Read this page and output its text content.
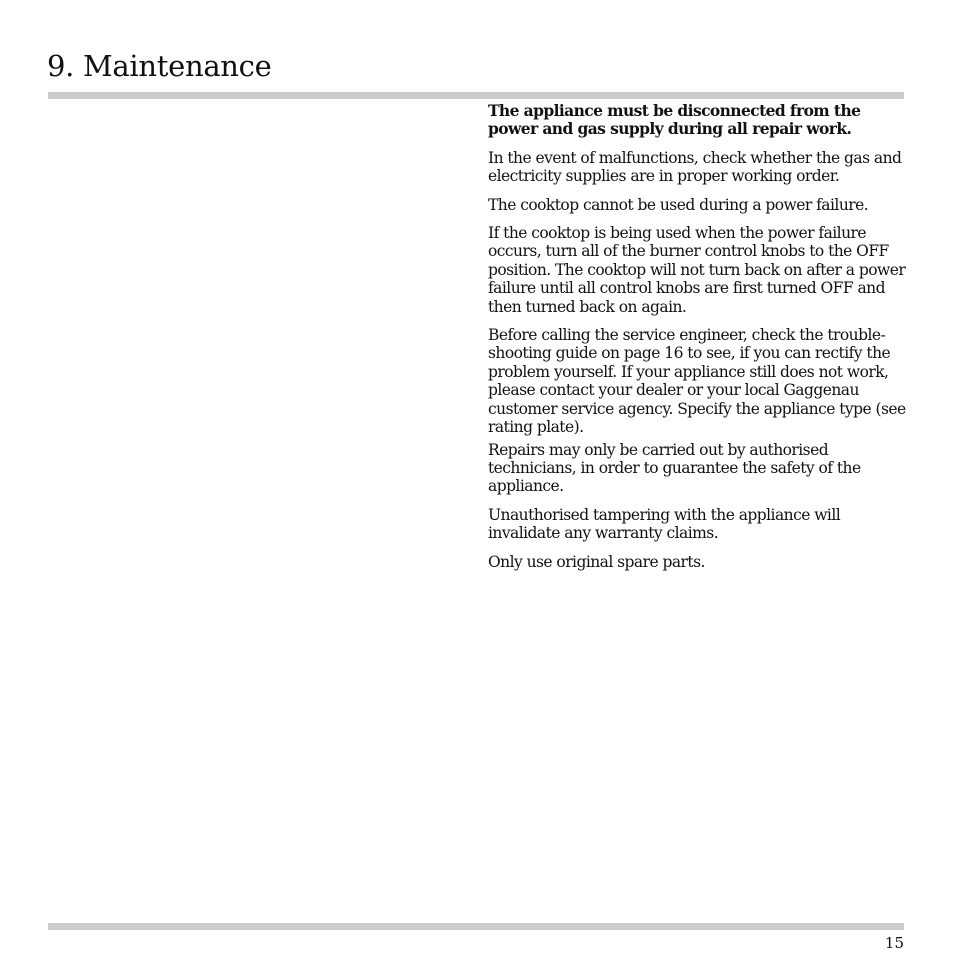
9. Maintenance

The appliance must be disconnected from the power and gas supply during all repair work.

In the event of malfunctions, check whether the gas and electricity supplies are in proper working order.

The cooktop cannot be used during a power failure.

If the cooktop is being used when the power failure occurs, turn all of the burner control knobs to the OFF position. The cooktop will not turn back on after a power failure until all control knobs are first turned OFF and then turned back on again.

Before calling the service engineer, check the trouble-shooting guide on page 16 to see, if you can rectify the problem yourself. If your appliance still does not work, please contact your dealer or your local Gaggenau customer service agency. Specify the appliance type (see rating plate).

Repairs may only be carried out by authorised technicians, in order to guarantee the safety of the appliance.

Unauthorised tampering with the appliance will invalidate any warranty claims.

Only use original spare parts.

15
